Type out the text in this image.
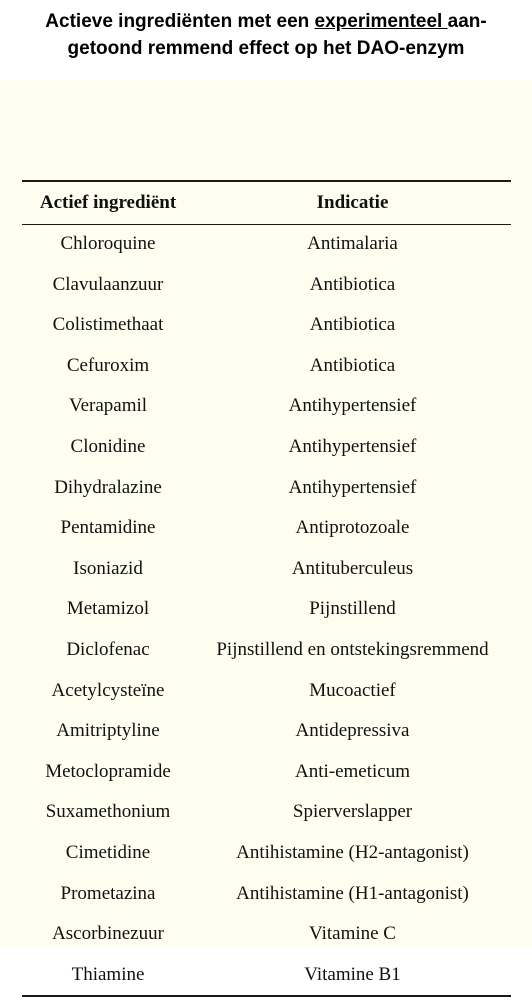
Actieve ingrediënten met een experimenteel aan-
getoond remmend effect op het DAO-enzym
Actief ingrediënt	Indicatie
Chloroquine	Antimalaria
Clavulaanzuur	Antibiotica
Colistimethaat	Antibiotica
Cefuroxim	Antibiotica
Verapamil	Antihypertensief
Clonidine	Antihypertensief
Dihydralazine	Antihypertensief
Pentamidine	Antiprotozoale
Isoniazid	Antituberculeus
Metamizol	Pijnstillend
Diclofenac	Pijnstillend en ontstekingsremmend
Acetylcysteïne	Mucoactief
Amitriptyline	Antidepressiva
Metoclopramide	Anti-emeticum
Suxamethonium	Spierverslapper
Cimetidine	Antihistamine (H2-antagonist)
Prometazina	Antihistamine (H1-antagonist)
Ascorbinezuur	Vitamine C
Thiamine	Vitamine B1
